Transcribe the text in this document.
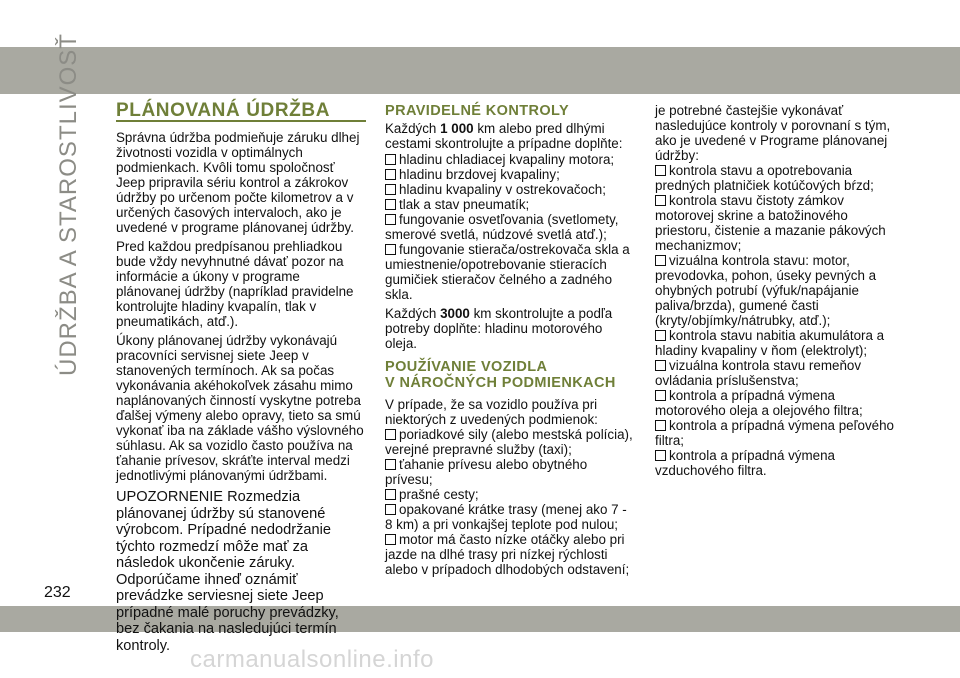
ÚDRŽBA A STAROSTLIVOSŤ
232
PLÁNOVANÁ ÚDRŽBA

Správna údržba podmieňuje záruku dlhej životnosti vozidla v optimálnych podmienkach. Kvôli tomu spoločnosť Jeep pripravila sériu kontrol a zákrokov údržby po určenom počte kilometrov a v určených časových intervaloch, ako je uvedené v programe plánovanej údržby.

Pred každou predpísanou prehliadkou bude vždy nevyhnutné dávať pozor na informácie a úkony v programe plánovanej údržby (napríklad pravidelne kontrolujte hladiny kvapalín, tlak v pneumatikách, atď.).

Úkony plánovanej údržby vykonávajú pracovníci servisnej siete Jeep v stanovených termínoch. Ak sa počas vykonávania akéhokoľvek zásahu mimo naplánovaných činností vyskytne potreba ďalšej výmeny alebo opravy, tieto sa smú vykonať iba na základe vášho výslovného súhlasu. Ak sa vozidlo často používa na ťahanie prívesov, skráťte interval medzi jednotlivými plánovanými údržbami.

UPOZORNENIE Rozmedzia plánovanej údržby sú stanovené výrobcom. Prípadné nedodržanie týchto rozmedzí môže mať za následok ukončenie záruky. Odporúčame ihneď oznámiť prevádzke serviesnej siete Jeep prípadné malé poruchy prevádzky, bez čakania na nasledujúci termín kontroly.

PRAVIDELNÉ KONTROLY

Každých 1 000 km alebo pred dlhými cestami skontrolujte a prípadne doplňte:

hladinu chladiacej kvapaliny motora;
hladinu brzdovej kvapaliny;
hladinu kvapaliny v ostrekovačoch;
tlak a stav pneumatík;
fungovanie osvetľovania (svetlomety, smerové svetlá, núdzové svetlá atď.);
fungovanie stierača/ostrekovača skla a umiestnenie/opotrebovanie stieracích gumičiek stieračov čelného a zadného skla.

Každých 3000 km skontrolujte a podľa potreby doplňte: hladinu motorového oleja.

POUŽÍVANIE VOZIDLA
V NÁROČNÝCH PODMIENKACH

V prípade, že sa vozidlo používa pri niektorých z uvedených podmienok:

poriadkové sily (alebo mestská polícia), verejné prepravné služby (taxi);
ťahanie prívesu alebo obytného prívesu;
prašné cesty;
opakované krátke trasy (menej ako 7 - 8 km) a pri vonkajšej teplote pod nulou;
motor má často nízke otáčky alebo pri jazde na dlhé trasy pri nízkej rýchlosti alebo v prípadoch dlhodobých odstavení;

je potrebné častejšie vykonávať nasledujúce kontroly v porovnaní s tým, ako je uvedené v Programe plánovanej údržby:

kontrola stavu a opotrebovania predných platničiek kotúčových bŕzd;
kontrola stavu čistoty zámkov motorovej skrine a batožinového priestoru, čistenie a mazanie pákových mechanizmov;
vizuálna kontrola stavu: motor, prevodovka, pohon, úseky pevných a ohybných potrubí (výfuk/napájanie paliva/brzda), gumené časti (kryty/objímky/nátrubky, atď.);
kontrola stavu nabitia akumulátora a hladiny kvapaliny v ňom (elektrolyt);
vizuálna kontrola stavu remeňov ovládania príslušenstva;
kontrola a prípadná výmena motorového oleja a olejového filtra;
kontrola a prípadná výmena peľového filtra;
kontrola a prípadná výmena vzduchového filtra.
carmanualsonline.info
